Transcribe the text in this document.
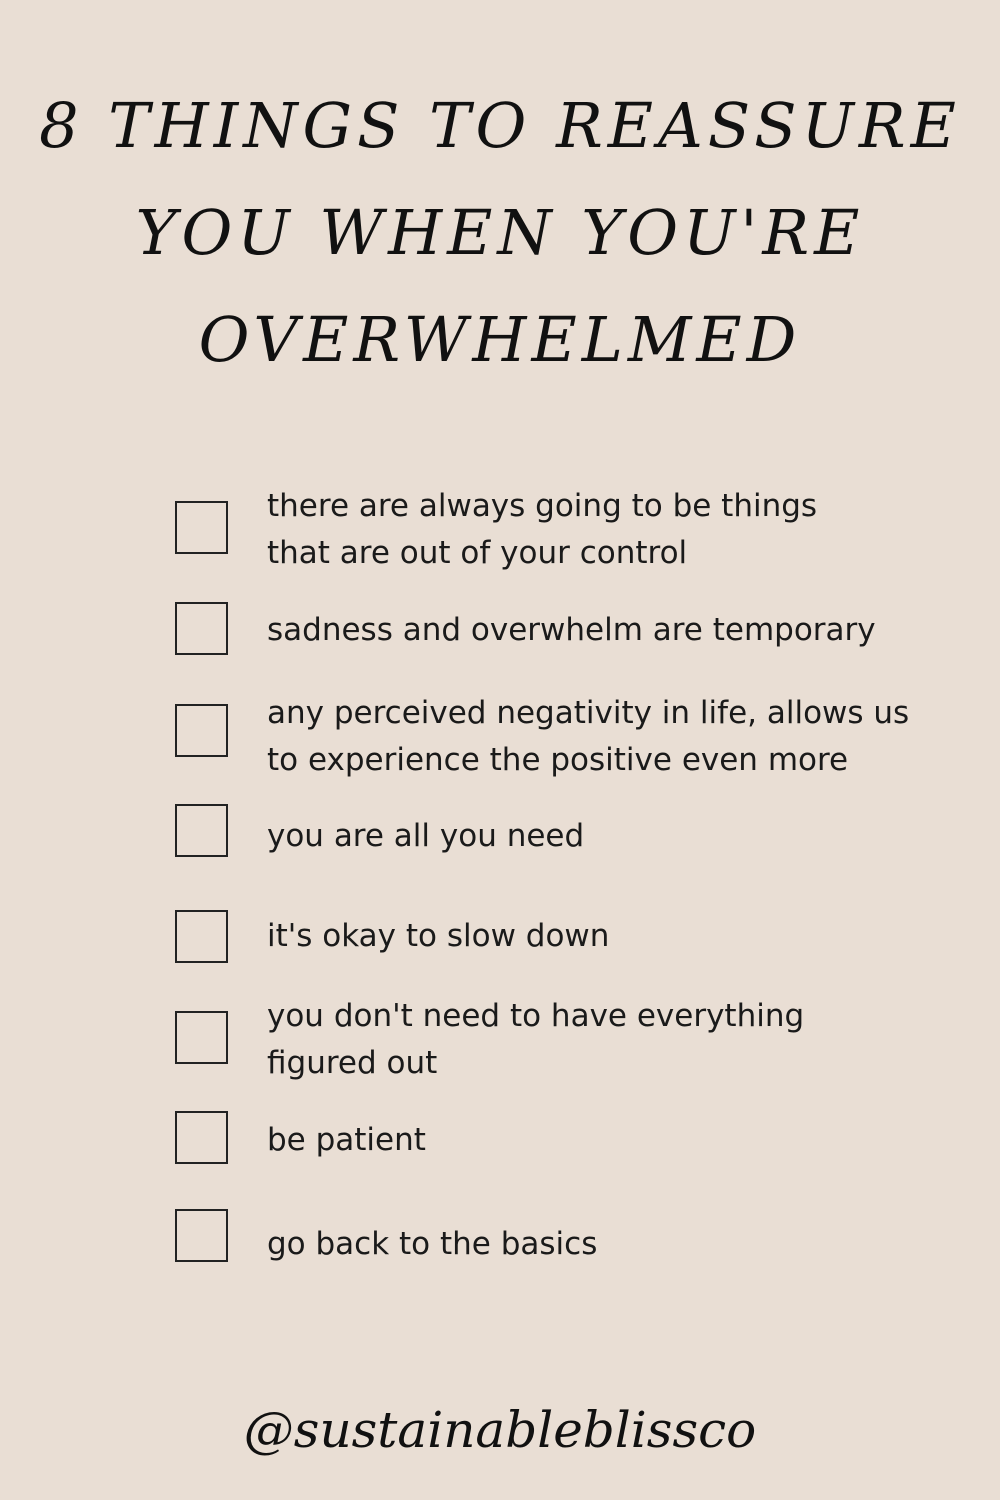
8 THINGS TO REASSURE
YOU WHEN YOU'RE
OVERWHELMED
there are always going to be things
that are out of your control
sadness and overwhelm are temporary
any perceived negativity in life, allows us
to experience the positive even more
you are all you need
it's okay to slow down
you don't need to have everything
figured out
be patient
go back to the basics
@sustainableblissco
